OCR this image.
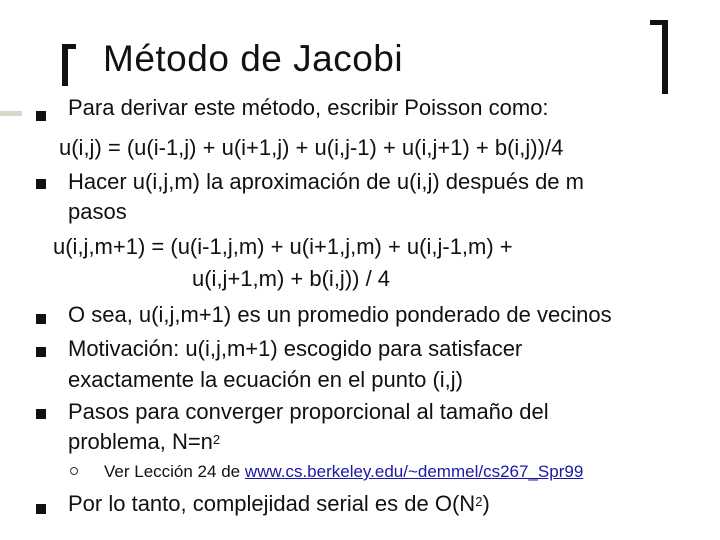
Método de Jacobi
Para derivar este método, escribir Poisson como:
u(i,j) = (u(i-1,j) + u(i+1,j) + u(i,j-1) + u(i,j+1) + b(i,j))/4
Hacer u(i,j,m) la aproximación de u(i,j) después de m
pasos
u(i,j,m+1) = (u(i-1,j,m) + u(i+1,j,m) + u(i,j-1,m) +
u(i,j+1,m) + b(i,j)) / 4
O sea, u(i,j,m+1) es un promedio ponderado de vecinos
Motivación: u(i,j,m+1) escogido para satisfacer
exactamente la ecuación en el punto (i,j)
Pasos para converger proporcional al tamaño del
problema, $N=n^2$
Ver Lección 24 de www.cs.berkeley.edu/~demmel/cs267_Spr99
Por lo tanto, complejidad serial es de $O(N^2)$
